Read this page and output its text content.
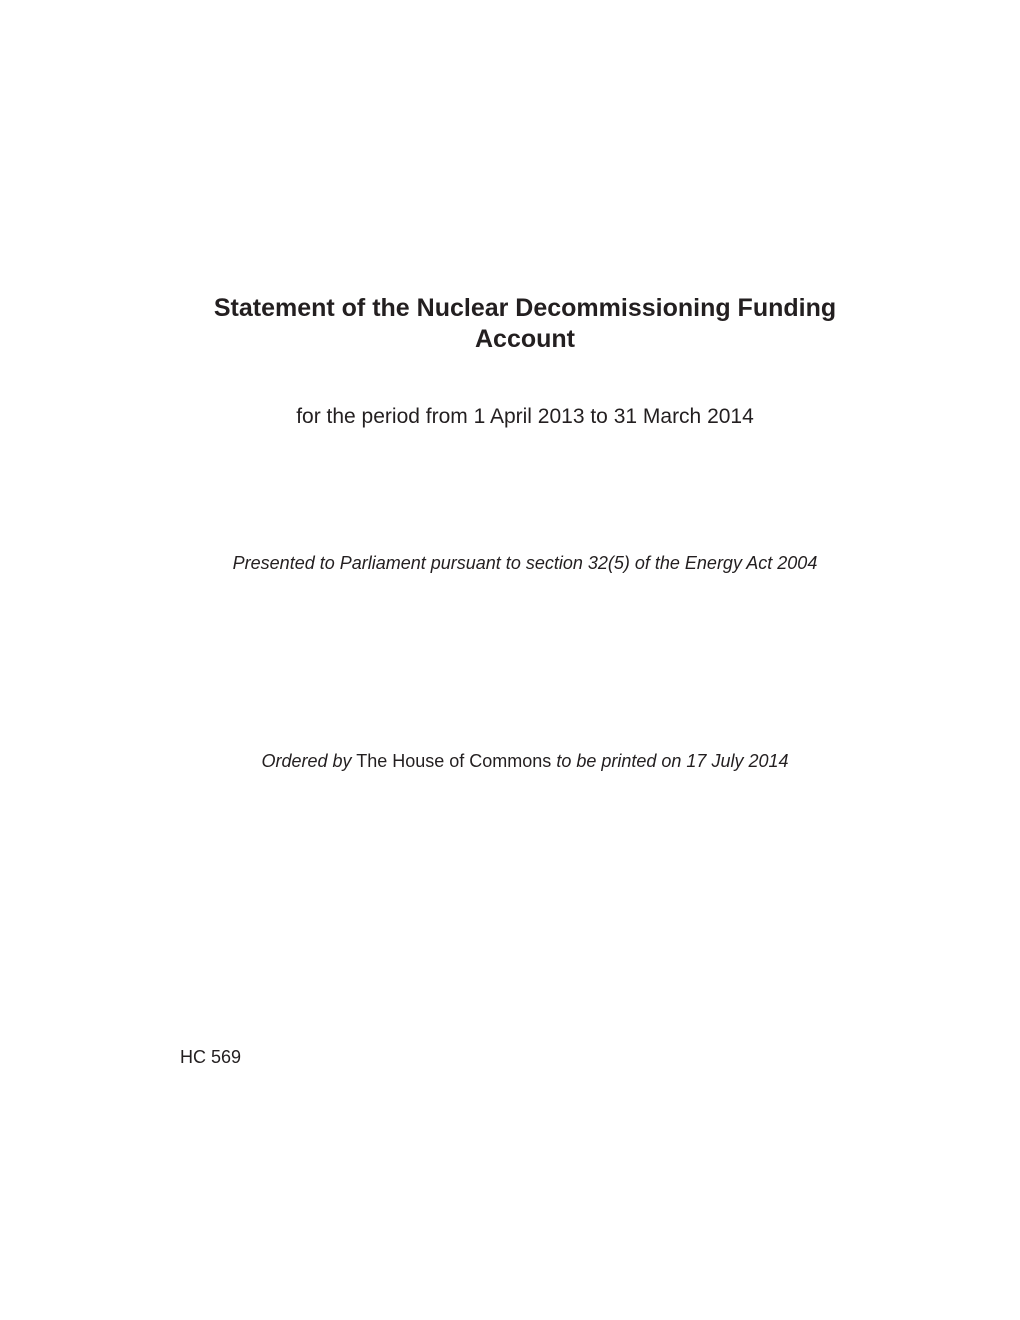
Statement of the Nuclear Decommissioning Funding
Account
for the period from 1 April 2013 to 31 March 2014
Presented to Parliament pursuant to section 32(5) of the Energy Act 2004
Ordered by The House of Commons to be printed on 17 July 2014
HC 569
